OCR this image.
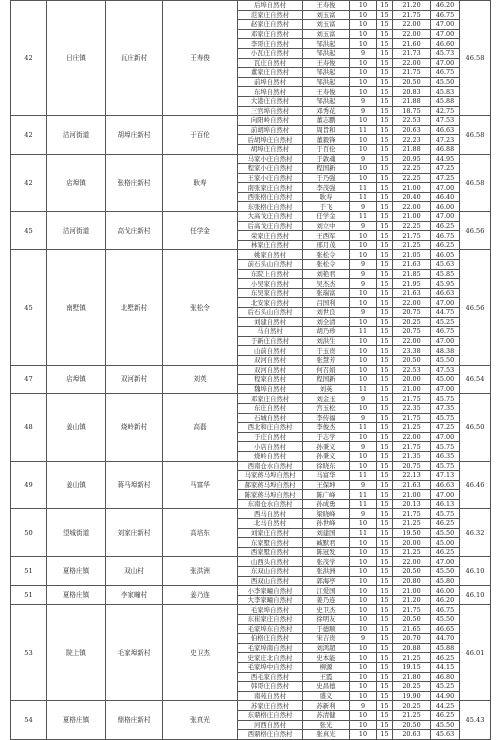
42	日庄镇	瓦庄新村	王寿俊	后埠自然村	王寿俊	10	15	21.20	46.20	46.58
				范家庄自然村	刘玉富	10	15	21.75	46.75	
				赵家庄自然村	刘玉富	10	15	22.00	47.00	
				邓家庄自然村	刘玉富	10	15	22.00	47.00	
				李哥庄自然村	邹洪起	10	15	21.60	46.60	
				小瓦庄自然村	邹洪起	9	15	21.73	45.73	
				瓦庄自然村	王寿俊	10	15	22.00	47.00	
				董家庄自然村	邹洪起	10	15	21.75	46.75	
				前埠自然村	邹洪起	10	15	20.50	45.50	
				东埠自然村	王寿俊	10	15	20.83	45.83	
				大港庄自然村	邹洪起	9	15	21.88	45.88	
				三官埠自然村	邓秀花	9	15	18.75	42.75	
42	沽河街道	胡埠庄新村	于百伦	向阳岭自然村	董志鹏	10	15	22.53	47.53	46.58
				前胡埠自然村	周旨和	11	15	20.63	46.63	
				后胡埠庄自然村	董毅锋	10	15	22.23	47.23	
				胡埠庄自然村	于百伦	10	15	21.88	46.88	
42	店埠镇	张格庄新村	耿寿	马家小庄自然村	于敦魂	9	15	20.95	44.95	46.58
				程家小庄自然村	程国新	10	15	22.25	47.25	
				王家小庄自然村	于乃强	10	15	22.25	47.25	
				南张家庄自然村	李茂强	11	15	21.00	47.00	
				西张格庄自然村	耿寿	11	15	20.40	46.40	
				东张格庄自然村	于飞	9	15	22.00	46.00	
45	沽河街道	高戈庄新村	任学金	大高戈庄自然村	任学金	11	15	21.00	47.00	46.56
				后高戈庄自然村	刘立中	9	15	22.25	46.25	
				荣家庄自然村	王西军	10	15	21.75	46.75	
				林家庄自然村	邢月茂	10	15	21.25	46.25	
45	南墅镇	北墅新村	张松令	姚家自然村	张松令	10	15	21.05	46.05	46.56
				前石头山自然村	张松令	9	15	21.63	45.63	
				东院上自然村	刘艳君	9	15	21.85	45.85	
				小吴家自然村	吴杰杰	9	15	21.95	45.95	
				东吴家自然村	张瑞富	10	15	21.63	46.63	
				北安家自然村	吕国利	10	15	22.00	47.00	
				后石头山自然村	刘世良	9	15	20.75	44.75	
				刘建自然村	刘全清	10	15	20.25	45.25	
				马自然村	胡乃珍	11	15	20.75	46.75	
				于新庄自然村	刘洪生	10	15	22.00	47.00	
				山前自然村	于玉贵	10	15	23.38	48.38	
				双河自然村	张慧芳	10	15	20.50	45.50	
47	店埠镇	双河新村	刘英	双河自然村	何召娟	10	15	22.53	47.53	46.54
				程家自然村	程国新	10	15	20.00	45.00	
				魏埠自然村	刘英	11	15	21.00	47.00	
48	姜山镇	烧岭新村	高磊	邓家庄自然村	刘金玉	9	15	21.75	45.75	46.50
				东庄自然村	宫玉松	10	15	22.35	47.35	
				石城自然村	李传福	9	15	21.75	45.75	
				西北和庄自然村	李俊杰	11	15	21.25	47.25	
				于庄自然村	于志学	10	15	22.00	47.00	
				小店自然村	孙秉义	9	15	21.75	45.75	
				烧岭自然村	孙秉义	10	15	21.35	46.35	
49	姜山镇	蒋马埠新村	马富华	西南仓水自然村	徐晓东	10	15	20.75	45.75	46.46
				马家蒋马埠自然村	马富华	11	15	22.13	47.13	
				郝家蒋马埠自然村	王保坤	9	15	21.63	46.63	
				陈家蒋马埠自然村	陈广峰	11	15	21.00	47.00	
				东南仓水自然村	孙成勇	11	15	20.13	46.13	
50	望城街道	刘家庄新村	高培东	西马自然村	梁晓峰	9	15	21.75	45.75	46.32
				北马自然村	孙世峰	10	15	21.25	46.25	
				刘家庄自然村	刘建国	11	15	19.50	45.50	
				东家墅自然村	臧默君	10	15	20.00	45.00	
				西家墅自然村	陈冠发	10	15	21.25	46.25	
51	夏格庄镇	双山村	张洪洲	山西头自然村	张茂学	10	15	22.00	47.00	46.10
				东双山自然村	张洪洲	10	15	20.50	45.50	
				西双山自然村	郭海亭	10	15	20.80	45.80	
51	夏格庄镇	李家疃村	姜乃连	小李家疃自然村	江爱国	10	15	21.00	46.00	46.10
				大李家疃自然村	姜乃连	10	15	21.20	46.20	
53	院上镇	毛家埠新村	史卫杰	毛家埠自然村	史卫杰	10	15	21.75	46.75	46.01
				东崔家庄自然村	徐明友	10	15	20.50	45.50	
				毛家埠东自然村	于德顺	10	15	21.65	46.65	
				伯格庄自然村	宋吉贵	9	15	20.70	44.70	
				毛家埠南自然村	刘鸿超	10	15	20.88	45.88	
				史家庄北自然村	史本能	10	15	21.25	46.25	
				毛家埠中自然村	柳源	10	15	19.15	44.15	
				西毛家自然村	王霞	10	15	21.80	46.80	
				韩哥庄自然村	史昌德	10	15	20.25	45.25	
				南苑自然村	盛义	10	15	19.90	44.90	
54	夏格庄镇	鼎格庄新村	张真光	苏家庄自然村	苏新利	9	15	20.25	44.25	45.43
				东鼎格庄自然村	苏清健	10	15	21.25	46.25	
				河西自然村	张光	10	15	20.50	45.50	
				西鼎格庄自然村	张真光	10	15	20.63	45.63	
